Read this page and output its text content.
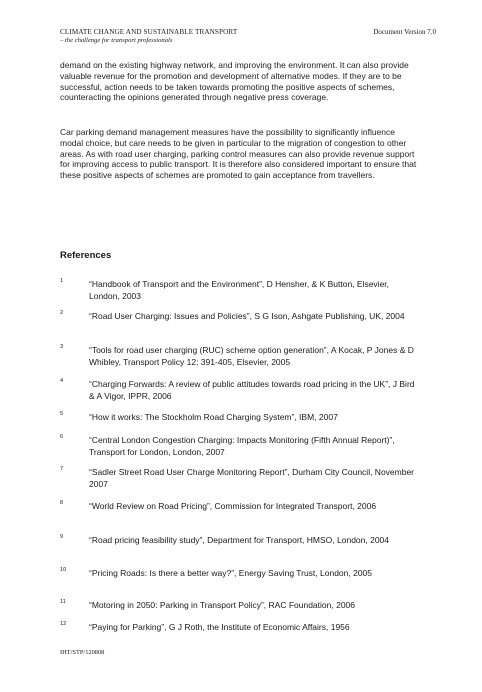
CLIMATE CHANGE AND SUSTAINABLE TRANSPORT
– the challenge for transport professionals
Document Version 7.0

demand on the existing highway network, and improving the environment. It can also provide valuable revenue for the promotion and development of alternative modes. If they are to be successful, action needs to be taken towards promoting the positive aspects of schemes, counteracting the opinions generated through negative press coverage.

Car parking demand management measures have the possibility to significantly influence modal choice, but care needs to be given in particular to the migration of congestion to other areas. As with road user charging, parking control measures can also provide revenue support for improving access to public transport. It is therefore also considered important to ensure that these positive aspects of schemes are promoted to gain acceptance from travellers.

References
1	“Handbook of Transport and the Environment”, D Hensher, & K Button, Elsevier, London, 2003
2	“Road User Charging: Issues and Policies”, S G Ison, Ashgate Publishing, UK, 2004
3	“Tools for road user charging (RUC) scheme option generation”, A Kocak, P Jones & D Whibley, Transport Policy 12: 391-405, Elsevier, 2005
4	“Charging Forwards: A review of public attitudes towards road pricing in the UK”, J Bird & A Vigor, IPPR, 2006
5	“How it works: The Stockholm Road Charging System”, IBM, 2007
6	“Central London Congestion Charging: Impacts Monitoring (Fifth Annual Report)”, Transport for London, London, 2007
7	“Sadler Street Road User Charge Monitoring Report”, Durham City Council, November 2007
8	“World Review on Road Pricing”, Commission for Integrated Transport, 2006
9	“Road pricing feasibility study”, Department for Transport, HMSO, London, 2004
10	“Pricing Roads: Is there a better way?”, Energy Saving Trust, London, 2005
11	“Motoring in 2050: Parking in Transport Policy”, RAC Foundation, 2006
12	“Paying for Parking”, G J Roth, the Institute of Economic Affairs, 1956
IHT/STP/120808
